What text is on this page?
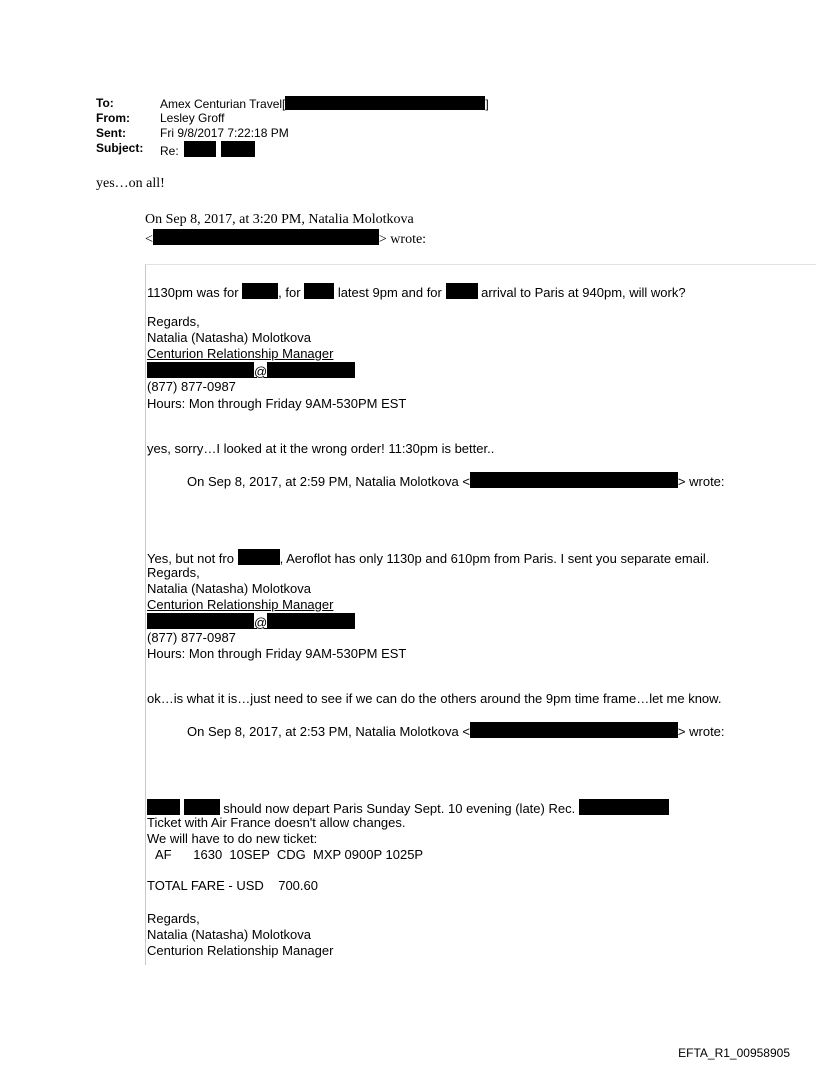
To:	Amex Centurian Travel[	]
From:	Lesley Groff
Sent:	Fri 9/8/2017 7:22:18 PM
Subject: Re:
yes…on all!
On Sep 8, 2017, at 3:20 PM, Natalia Molotkova
<	> wrote:
1130pm was for	, for	latest 9pm and for	arrival to Paris at 940pm, will work?
Regards,
Natalia (Natasha) Molotkova
Centurion Relationship Manager
@
(877) 877-0987
Hours: Mon through Friday 9AM-530PM EST
yes, sorry…I looked at it the wrong order! 11:30pm is better..
On Sep 8, 2017, at 2:59 PM, Natalia Molotkova <	> wrote:
Yes, but not fro	, Aeroflot has only 1130p and 610pm from Paris. I sent you separate email.
Regards,
Natalia (Natasha) Molotkova
Centurion Relationship Manager
@
(877) 877-0987
Hours: Mon through Friday 9AM-530PM EST
ok…is what it is…just need to see if we can do the others around the 9pm time frame…let me know.
On Sep 8, 2017, at 2:53 PM, Natalia Molotkova <	> wrote:
should now depart Paris Sunday Sept. 10 evening (late) Rec.
Ticket with Air France doesn't allow changes.
We will have to do new ticket:
AF      1630  10SEP  CDG  MXP 0900P 1025P
TOTAL FARE - USD    700.60
Regards,
Natalia (Natasha) Molotkova
Centurion Relationship Manager
EFTA_R1_00958905
